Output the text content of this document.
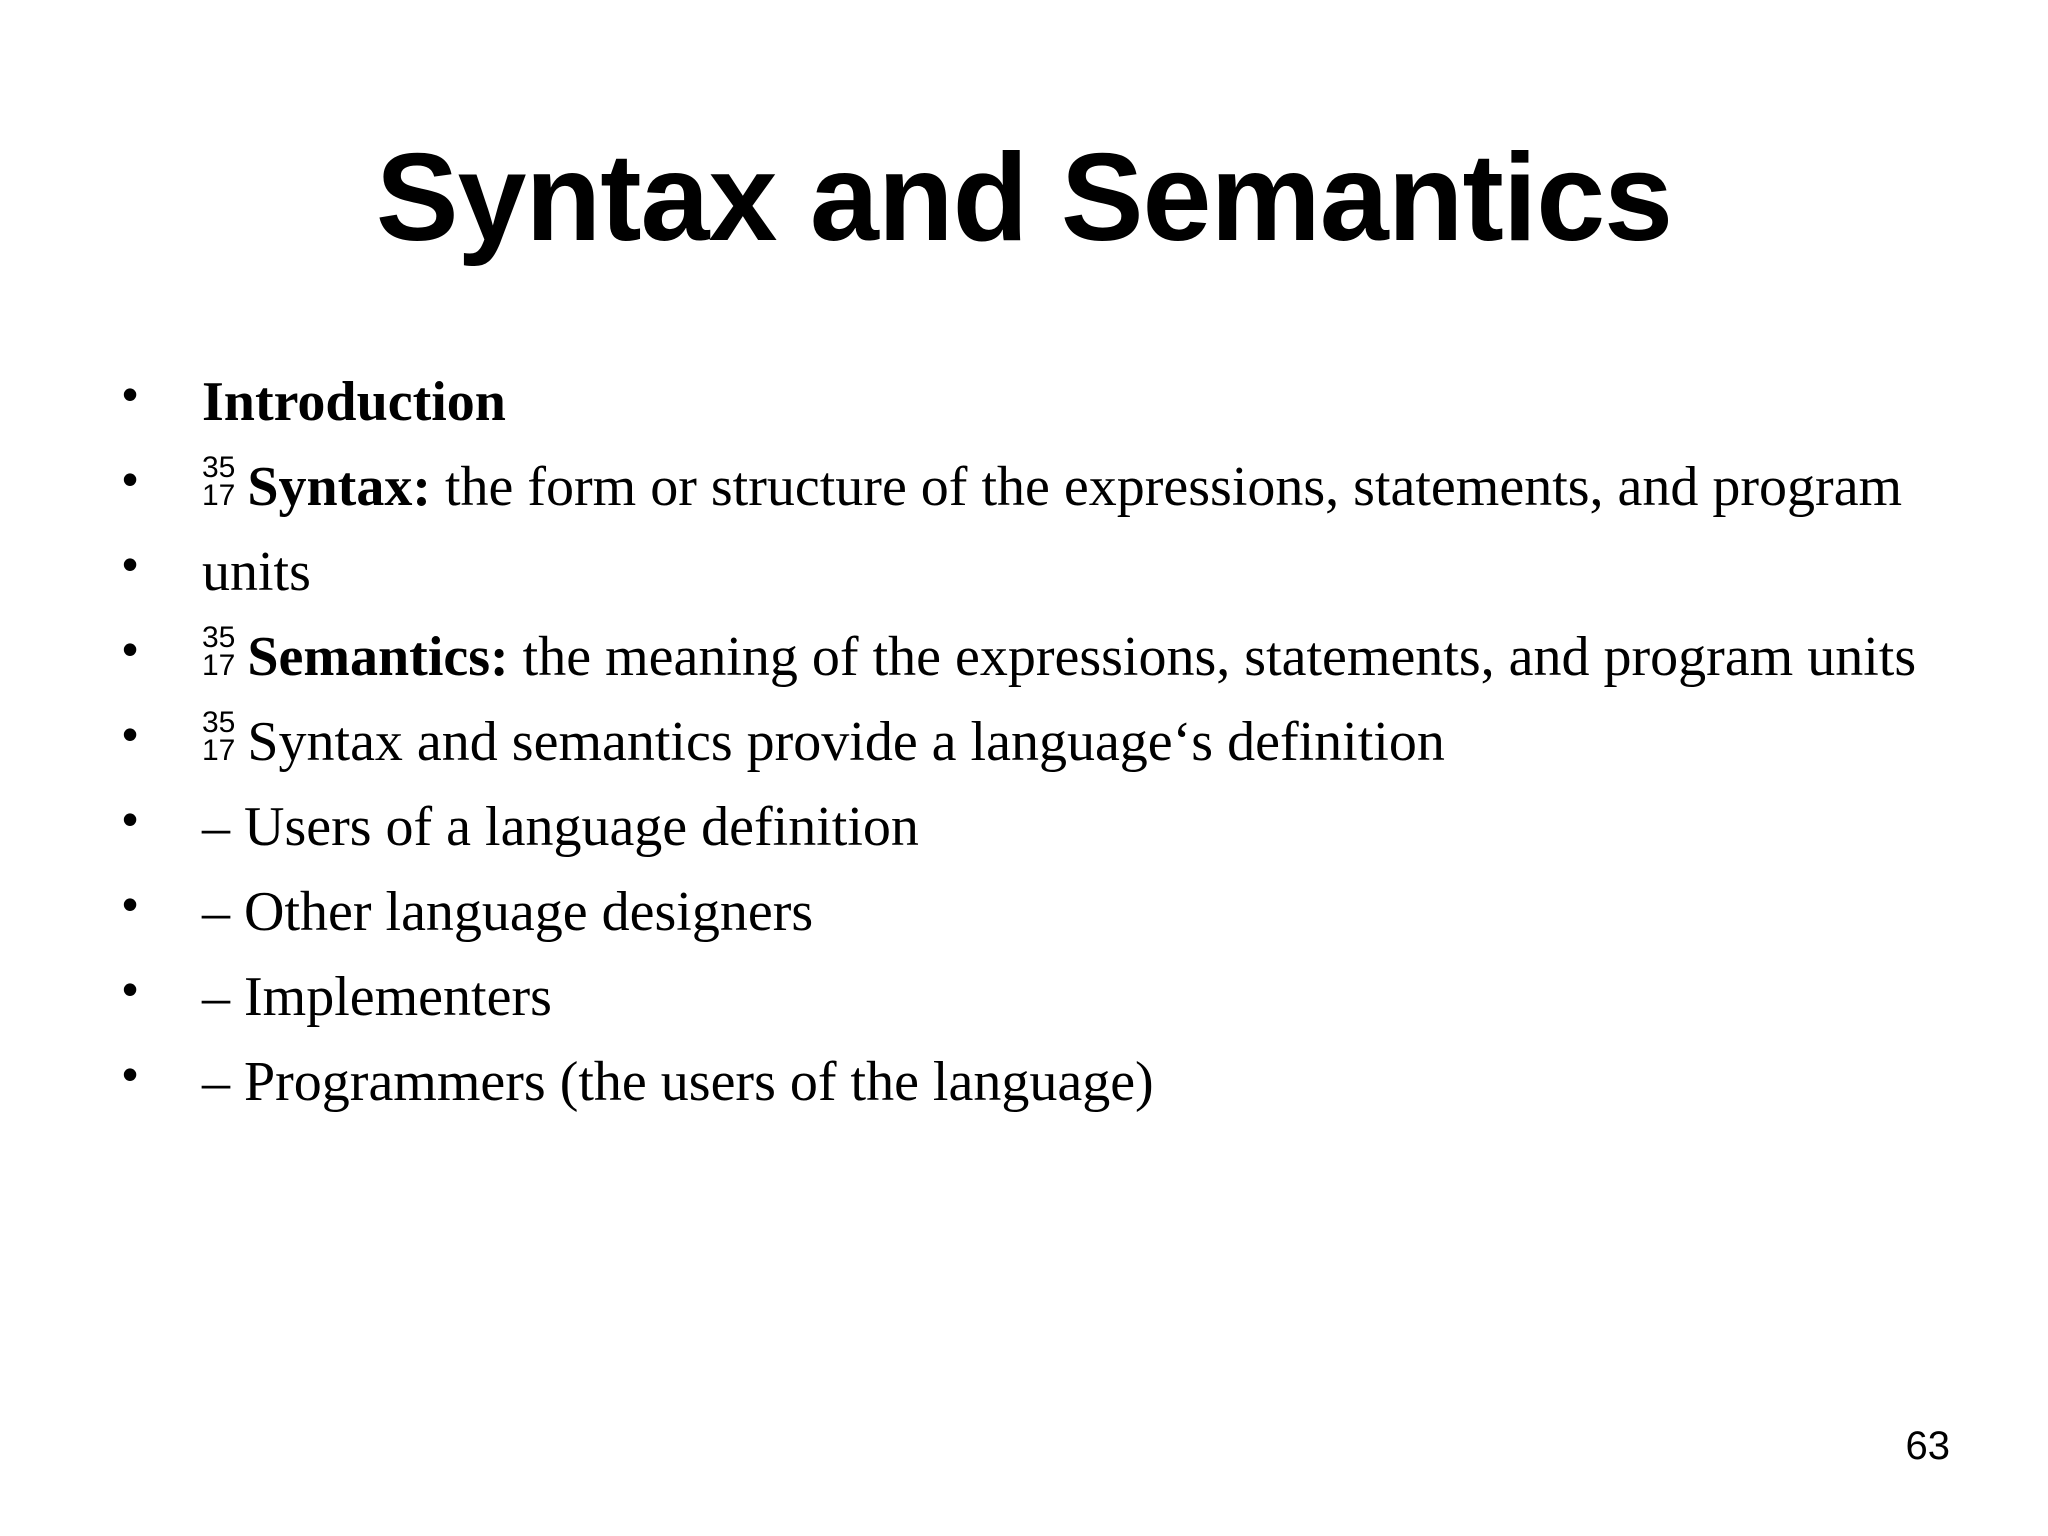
Syntax and Semantics
• Introduction
• 35
17 Syntax: the form or structure of the expressions, statements, and program
• units
• 35
17 Semantics: the meaning of the expressions, statements, and program units
• 35
17 Syntax and semantics provide a language‘s definition
• – Users of a language definition
• – Other language designers
• – Implementers
• – Programmers (the users of the language)
63
